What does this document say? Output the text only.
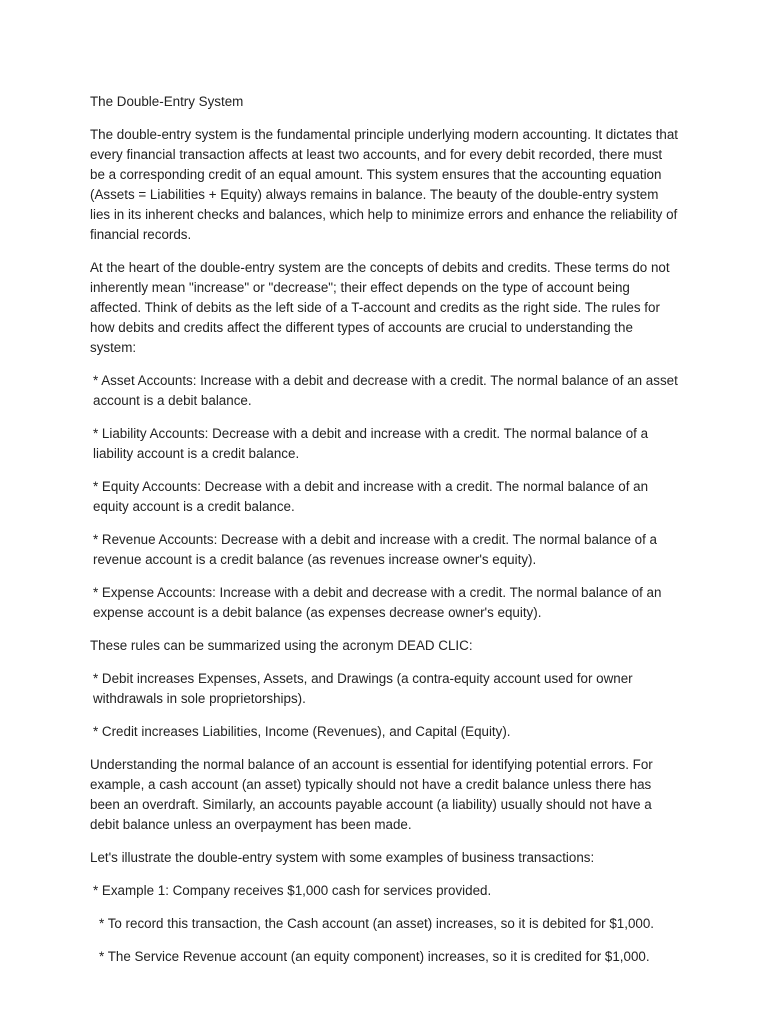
The Double-Entry System

The double-entry system is the fundamental principle underlying modern accounting. It dictates that every financial transaction affects at least two accounts, and for every debit recorded, there must be a corresponding credit of an equal amount. This system ensures that the accounting equation (Assets = Liabilities + Equity) always remains in balance. The beauty of the double-entry system lies in its inherent checks and balances, which help to minimize errors and enhance the reliability of financial records.

At the heart of the double-entry system are the concepts of debits and credits. These terms do not inherently mean "increase" or "decrease"; their effect depends on the type of account being affected. Think of debits as the left side of a T-account and credits as the right side. The rules for how debits and credits affect the different types of accounts are crucial to understanding the system:

* Asset Accounts: Increase with a debit and decrease with a credit. The normal balance of an asset account is a debit balance.

* Liability Accounts: Decrease with a debit and increase with a credit. The normal balance of a liability account is a credit balance.

* Equity Accounts: Decrease with a debit and increase with a credit. The normal balance of an equity account is a credit balance.

* Revenue Accounts: Decrease with a debit and increase with a credit. The normal balance of a revenue account is a credit balance (as revenues increase owner's equity).

* Expense Accounts: Increase with a debit and decrease with a credit. The normal balance of an expense account is a debit balance (as expenses decrease owner's equity).

These rules can be summarized using the acronym DEAD CLIC:

* Debit increases Expenses, Assets, and Drawings (a contra-equity account used for owner withdrawals in sole proprietorships).

* Credit increases Liabilities, Income (Revenues), and Capital (Equity).

Understanding the normal balance of an account is essential for identifying potential errors. For example, a cash account (an asset) typically should not have a credit balance unless there has been an overdraft. Similarly, an accounts payable account (a liability) usually should not have a debit balance unless an overpayment has been made.

Let's illustrate the double-entry system with some examples of business transactions:

* Example 1: Company receives $1,000 cash for services provided.

* To record this transaction, the Cash account (an asset) increases, so it is debited for $1,000.

* The Service Revenue account (an equity component) increases, so it is credited for $1,000.
